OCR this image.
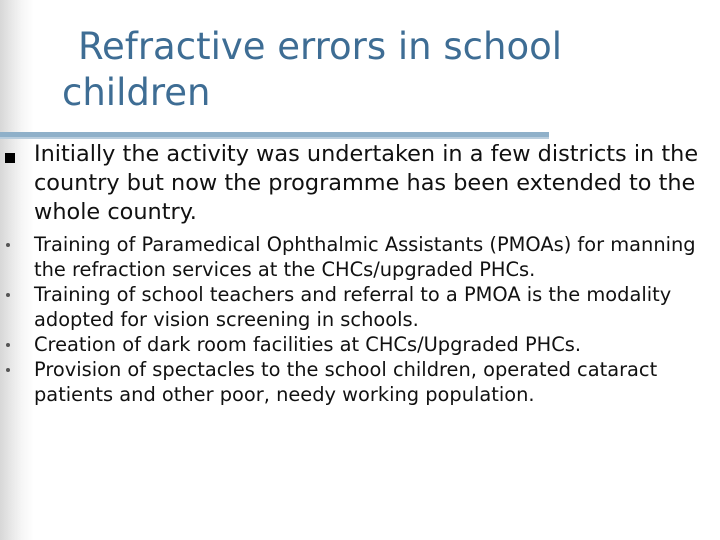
Refractive errors in school
children
Initially the activity was undertaken in a few districts in the country but now the programme has been extended to the whole country.
Training of Paramedical Ophthalmic Assistants (PMOAs) for manning the refraction services at the CHCs/upgraded PHCs.
Training of school teachers and referral to a PMOA is the modality adopted for vision screening in schools.
Creation of dark room facilities at CHCs/Upgraded PHCs.
Provision of spectacles to the school children, operated cataract patients and other poor, needy working population.
